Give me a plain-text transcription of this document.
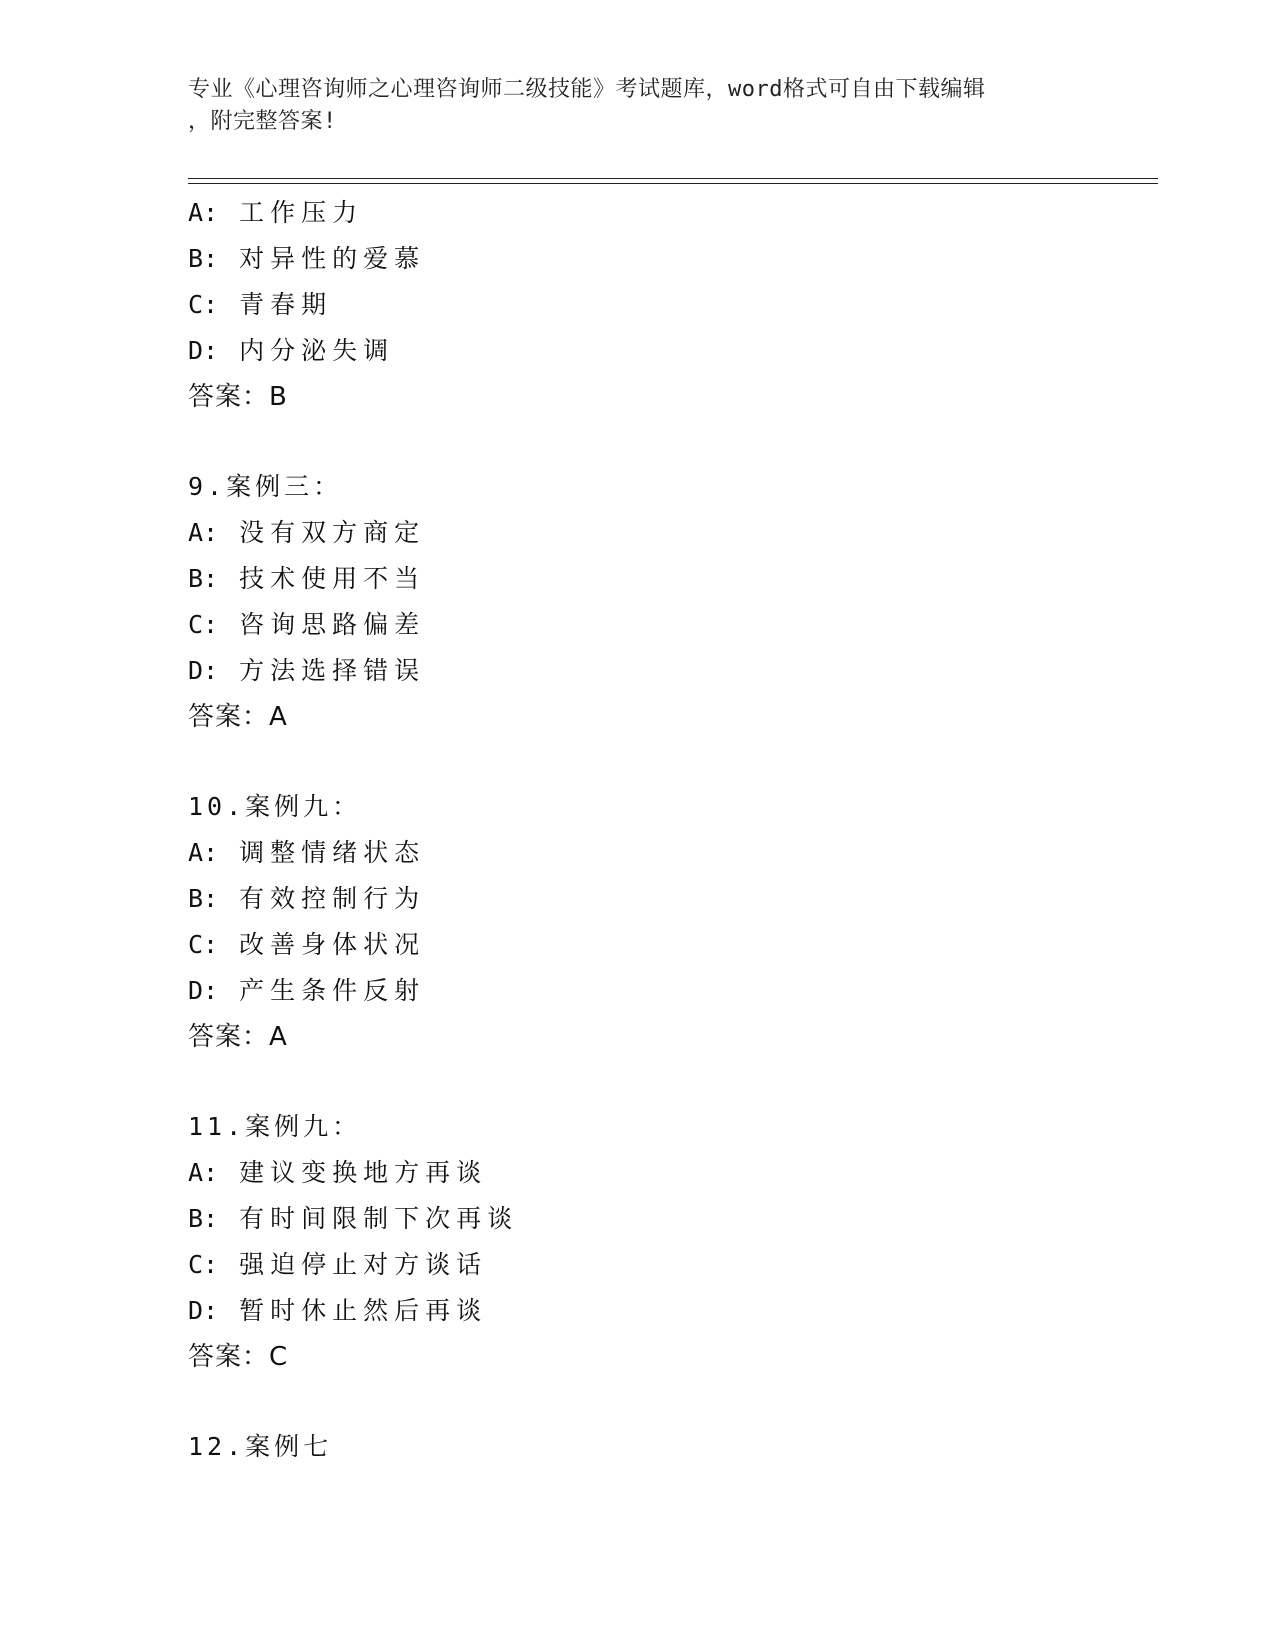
专业《心理咨询师之心理咨询师二级技能》考试题库，word格式可自由下载编辑
，附完整答案!
A: 工作压力
B: 对异性的爱慕
C: 青春期
D: 内分泌失调
答案：B
9.案例三：
A: 没有双方商定
B: 技术使用不当
C: 咨询思路偏差
D: 方法选择错误
答案：A
10.案例九：
A: 调整情绪状态
B: 有效控制行为
C: 改善身体状况
D: 产生条件反射
答案：A
11.案例九：
A: 建议变换地方再谈
B: 有时间限制下次再谈
C: 强迫停止对方谈话
D: 暂时休止然后再谈
答案：C
12.案例七
